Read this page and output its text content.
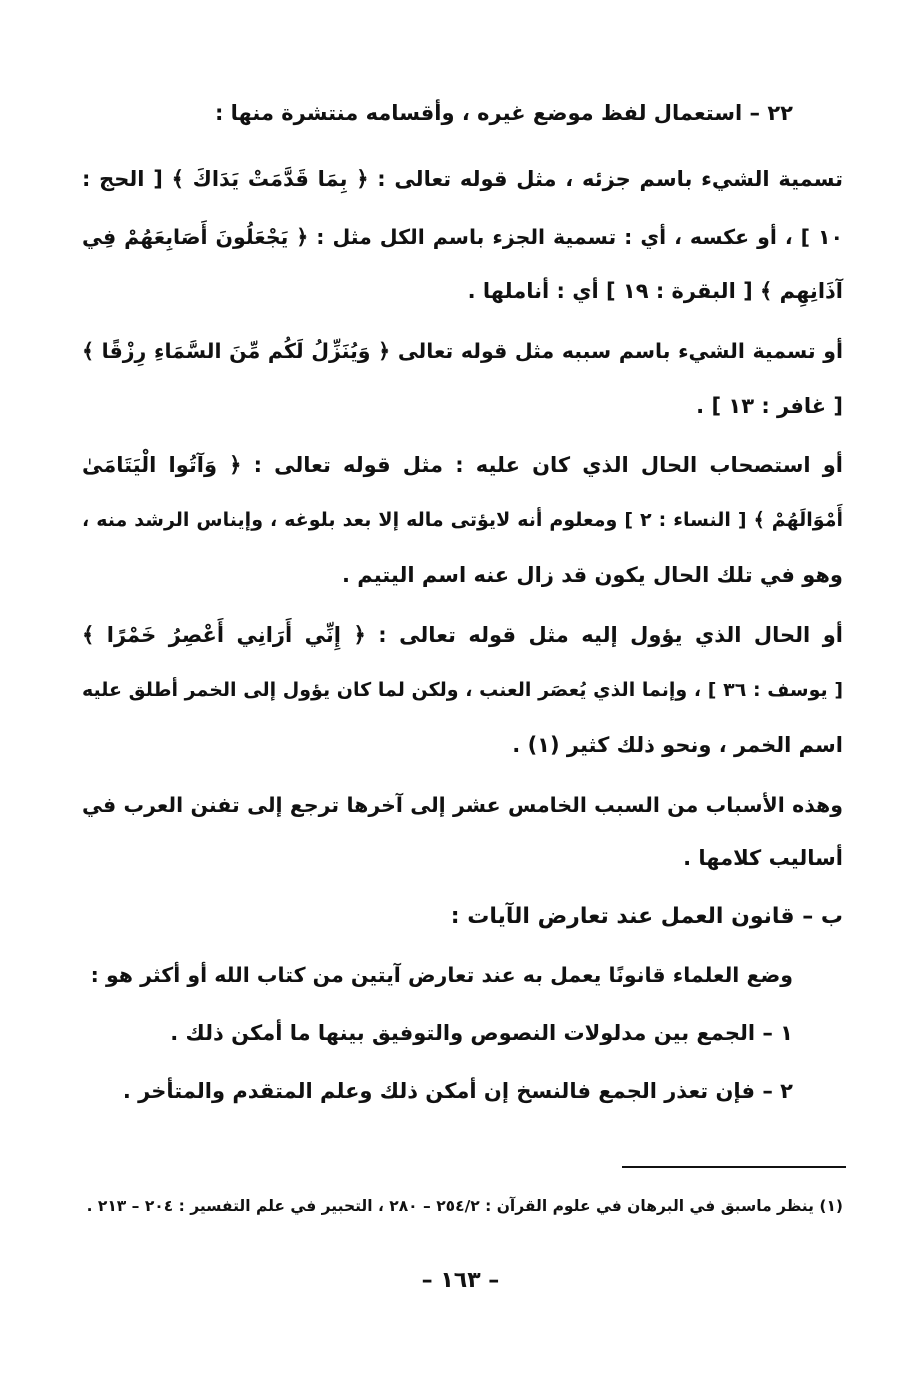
٢٢ – استعمال لفظ موضع غيره ، وأقسامه منتشرة منها :
تسمية الشيء باسم جزئه ، مثل قوله تعالى : ﴿ بِمَا قَدَّمَتْ يَدَاكَ ﴾ [ الحج :
١٠ ] ، أو عكسه ، أي : تسمية الجزء باسم الكل مثل : ﴿ يَجْعَلُونَ أَصَابِعَهُمْ فِي
آذَانِهِم ﴾ [ البقرة : ١٩ ] أي : أناملها .
أو تسمية الشيء باسم سببه مثل قوله تعالى ﴿ وَيُنَزِّلُ لَكُم مِّنَ السَّمَاءِ رِزْقًا ﴾
[ غافر : ١٣ ] .
أو استصحاب الحال الذي كان عليه : مثل قوله تعالى : ﴿ وَآتُوا الْيَتَامَىٰ
أَمْوَالَهُمْ ﴾ [ النساء : ٢ ] ومعلوم أنه لايؤتى ماله إلا بعد بلوغه ، وإيناس الرشد منه ،
وهو في تلك الحال يكون قد زال عنه اسم اليتيم .
أو الحال الذي يؤول إليه مثل قوله تعالى : ﴿ إِنِّي أَرَانِي أَعْصِرُ خَمْرًا ﴾
[ يوسف : ٣٦ ] ، وإنما الذي يُعصَر العنب ، ولكن لما كان يؤول إلى الخمر أطلق عليه
اسم الخمر ، ونحو ذلك كثير (١) .
وهذه الأسباب من السبب الخامس عشر إلى آخرها ترجع إلى تفنن العرب في
أساليب كلامها .
ب – قانون العمل عند تعارض الآيات :
وضع العلماء قانونًا يعمل به عند تعارض آيتين من كتاب الله أو أكثر هو :
١ – الجمع بين مدلولات النصوص والتوفيق بينها ما أمكن ذلك .
٢ – فإن تعذر الجمع فالنسخ إن أمكن ذلك وعلم المتقدم والمتأخر .
(١) ينظر ماسبق في البرهان في علوم القرآن : ٢٥٤/٢ – ٢٨٠ ، التحبير في علم التفسير : ٢٠٤ – ٢١٣ .
– ١٦٣ –
